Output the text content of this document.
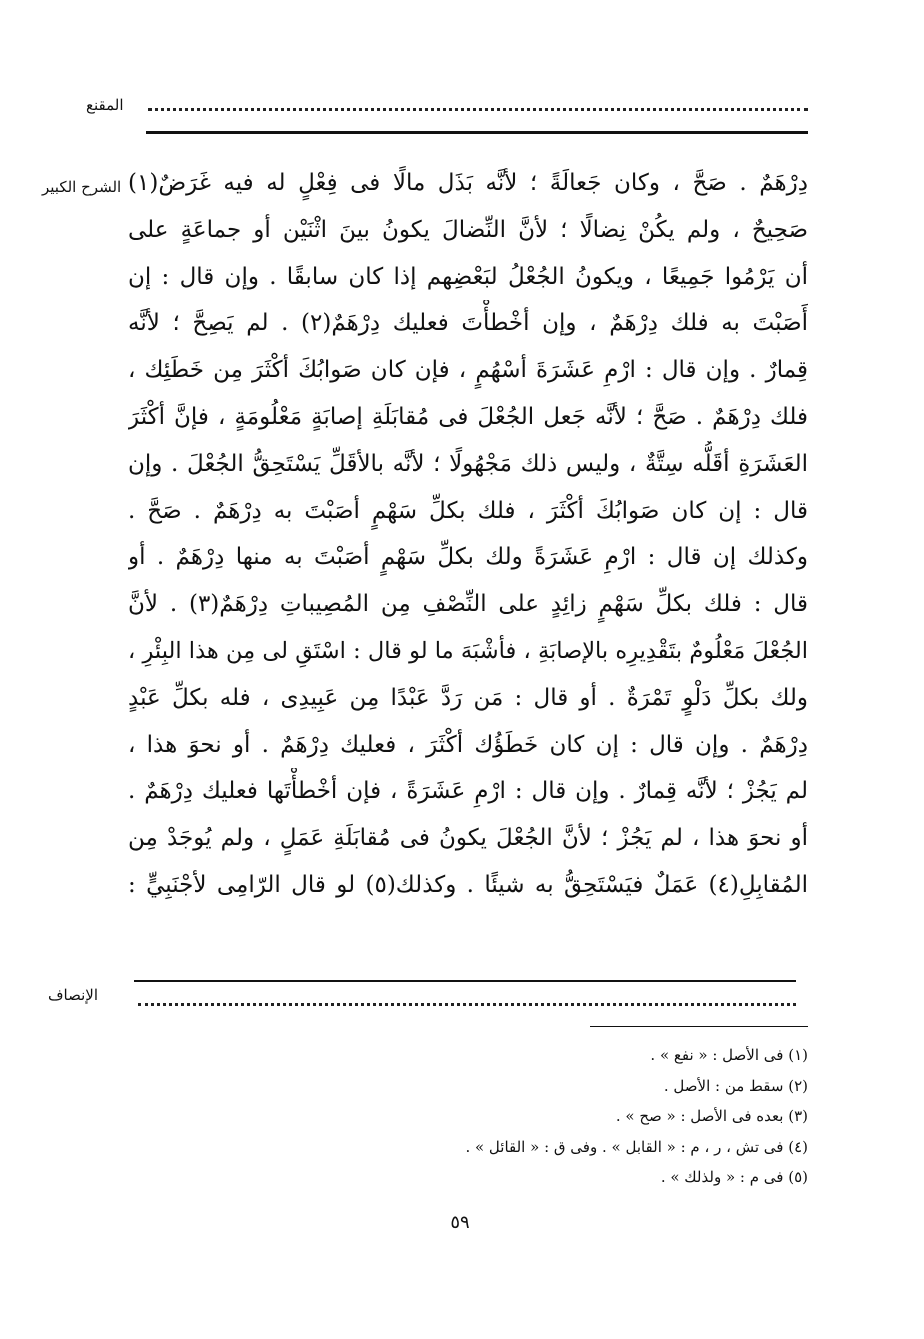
المقنع
الشرح الكبير دِرْهَمٌ . صَحَّ ، وكان جَعالَةً ؛ لأنَّه بَذَل مالًا فى فِعْلٍ له فيه غَرَضٌ(١)
صَحِيحٌ ، ولم يكُنْ نِضالًا ؛ لأنَّ النِّضالَ يكونُ بينَ اثْنَيْن أو جماعَةٍ على
أن يَرْمُوا جَمِيعًا ، ويكونُ الجُعْلُ لبَعْضِهم إذا كان سابقًا . وإن قال : إن
أَصَبْتَ به فلك دِرْهَمٌ ، وإن أخْطأْتَ فعليك دِرْهَمٌ(٢) . لم يَصِحَّ ؛ لأنَّه
قِمارٌ . وإن قال : ارْمِ عَشَرَةَ أسْهُمٍ ، فإن كان صَوابُكَ أكْثَرَ مِن خَطَئِك ،
فلك دِرْهَمٌ . صَحَّ ؛ لأنَّه جَعل الجُعْلَ فى مُقابَلَةِ إصابَةٍ مَعْلُومَةٍ ، فإنَّ أكْثَرَ
العَشَرَةِ أقَلُّه سِتَّةٌ ، وليس ذلك مَجْهُولًا ؛ لأنَّه بالأقَلِّ يَسْتَحِقُّ الجُعْلَ . وإن
قال : إن كان صَوابُكَ أكْثَرَ ، فلك بكلِّ سَهْمٍ أصَبْتَ به دِرْهَمٌ . صَحَّ .
وكذلك إن قال : ارْمِ عَشَرَةً ولك بكلِّ سَهْمٍ أصَبْتَ به منها دِرْهَمٌ . أو
قال : فلك بكلِّ سَهْمٍ زائِدٍ على النِّصْفِ مِن المُصِيباتِ دِرْهَمٌ(٣) . لأنَّ
الجُعْلَ مَعْلُومٌ بتَقْدِيرِه بالإصابَةِ ، فأشْبَهَ ما لو قال : اسْتَقِ لى مِن هذا البِئْرِ ،
ولك بكلِّ دَلْوٍ تَمْرَةٌ . أو قال : مَن رَدَّ عَبْدًا مِن عَبِيدِى ، فله بكلِّ عَبْدٍ
دِرْهَمٌ . وإن قال : إن كان خَطَؤُك أكْثَرَ ، فعليك دِرْهَمٌ . أو نحوَ هذا ،
لم يَجُزْ ؛ لأنَّه قِمارٌ . وإن قال : ارْمِ عَشَرَةً ، فإن أخْطأْتَها فعليك دِرْهَمٌ .
أو نحوَ هذا ، لم يَجُزْ ؛ لأنَّ الجُعْلَ يكونُ فى مُقابَلَةِ عَمَلٍ ، ولم يُوجَدْ مِن
المُقابِلِ(٤) عَمَلٌ فيَسْتَحِقُّ به شيئًا . وكذلك(٥) لو قال الرّامِى لأجْنَبِيٍّ :
الإنصاف
(١) فى الأصل : « نفع » .
(٢) سقط من : الأصل .
(٣) بعده فى الأصل : « صح » .
(٤) فى تش ، ر ، م : « القابل » . وفى ق : « القائل » .
(٥) فى م : « ولذلك » .
٥٩
